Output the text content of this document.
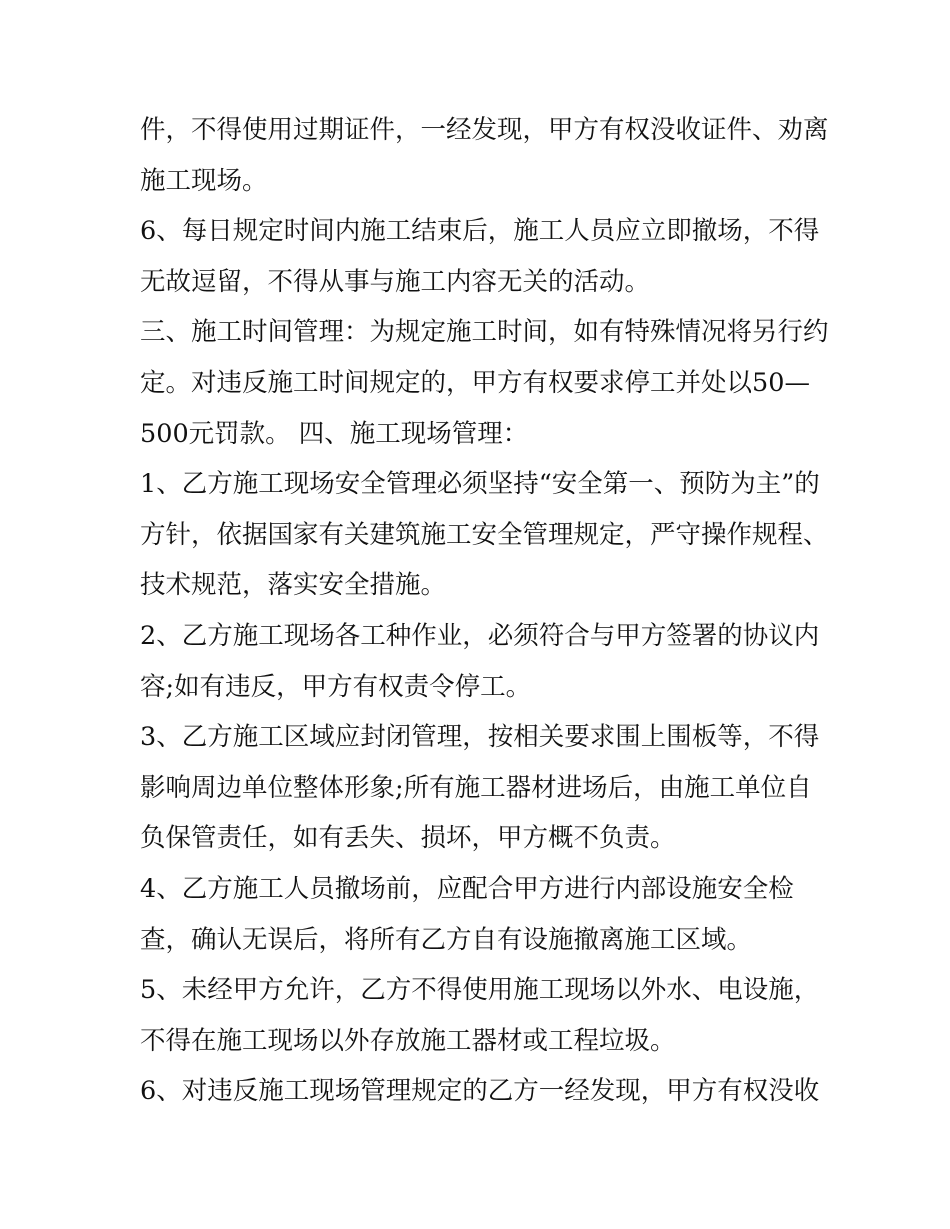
件，不得使用过期证件，一经发现，甲方有权没收证件、劝离
施工现场。
6、每日规定时间内施工结束后，施工人员应立即撤场，不得
无故逗留，不得从事与施工内容无关的活动。
三、施工时间管理：为规定施工时间，如有特殊情况将另行约
定。对违反施工时间规定的，甲方有权要求停工并处以50—
500元罚款。 四、施工现场管理：
1、乙方施工现场安全管理必须坚持“安全第一、预防为主”的
方针，依据国家有关建筑施工安全管理规定，严守操作规程、
技术规范，落实安全措施。
2、乙方施工现场各工种作业，必须符合与甲方签署的协议内
容;如有违反，甲方有权责令停工。
3、乙方施工区域应封闭管理，按相关要求围上围板等，不得
影响周边单位整体形象;所有施工器材进场后，由施工单位自
负保管责任，如有丢失、损坏，甲方概不负责。
4、乙方施工人员撤场前，应配合甲方进行内部设施安全检
查，确认无误后，将所有乙方自有设施撤离施工区域。
5、未经甲方允许，乙方不得使用施工现场以外水、电设施，
不得在施工现场以外存放施工器材或工程垃圾。
6、对违反施工现场管理规定的乙方一经发现，甲方有权没收
